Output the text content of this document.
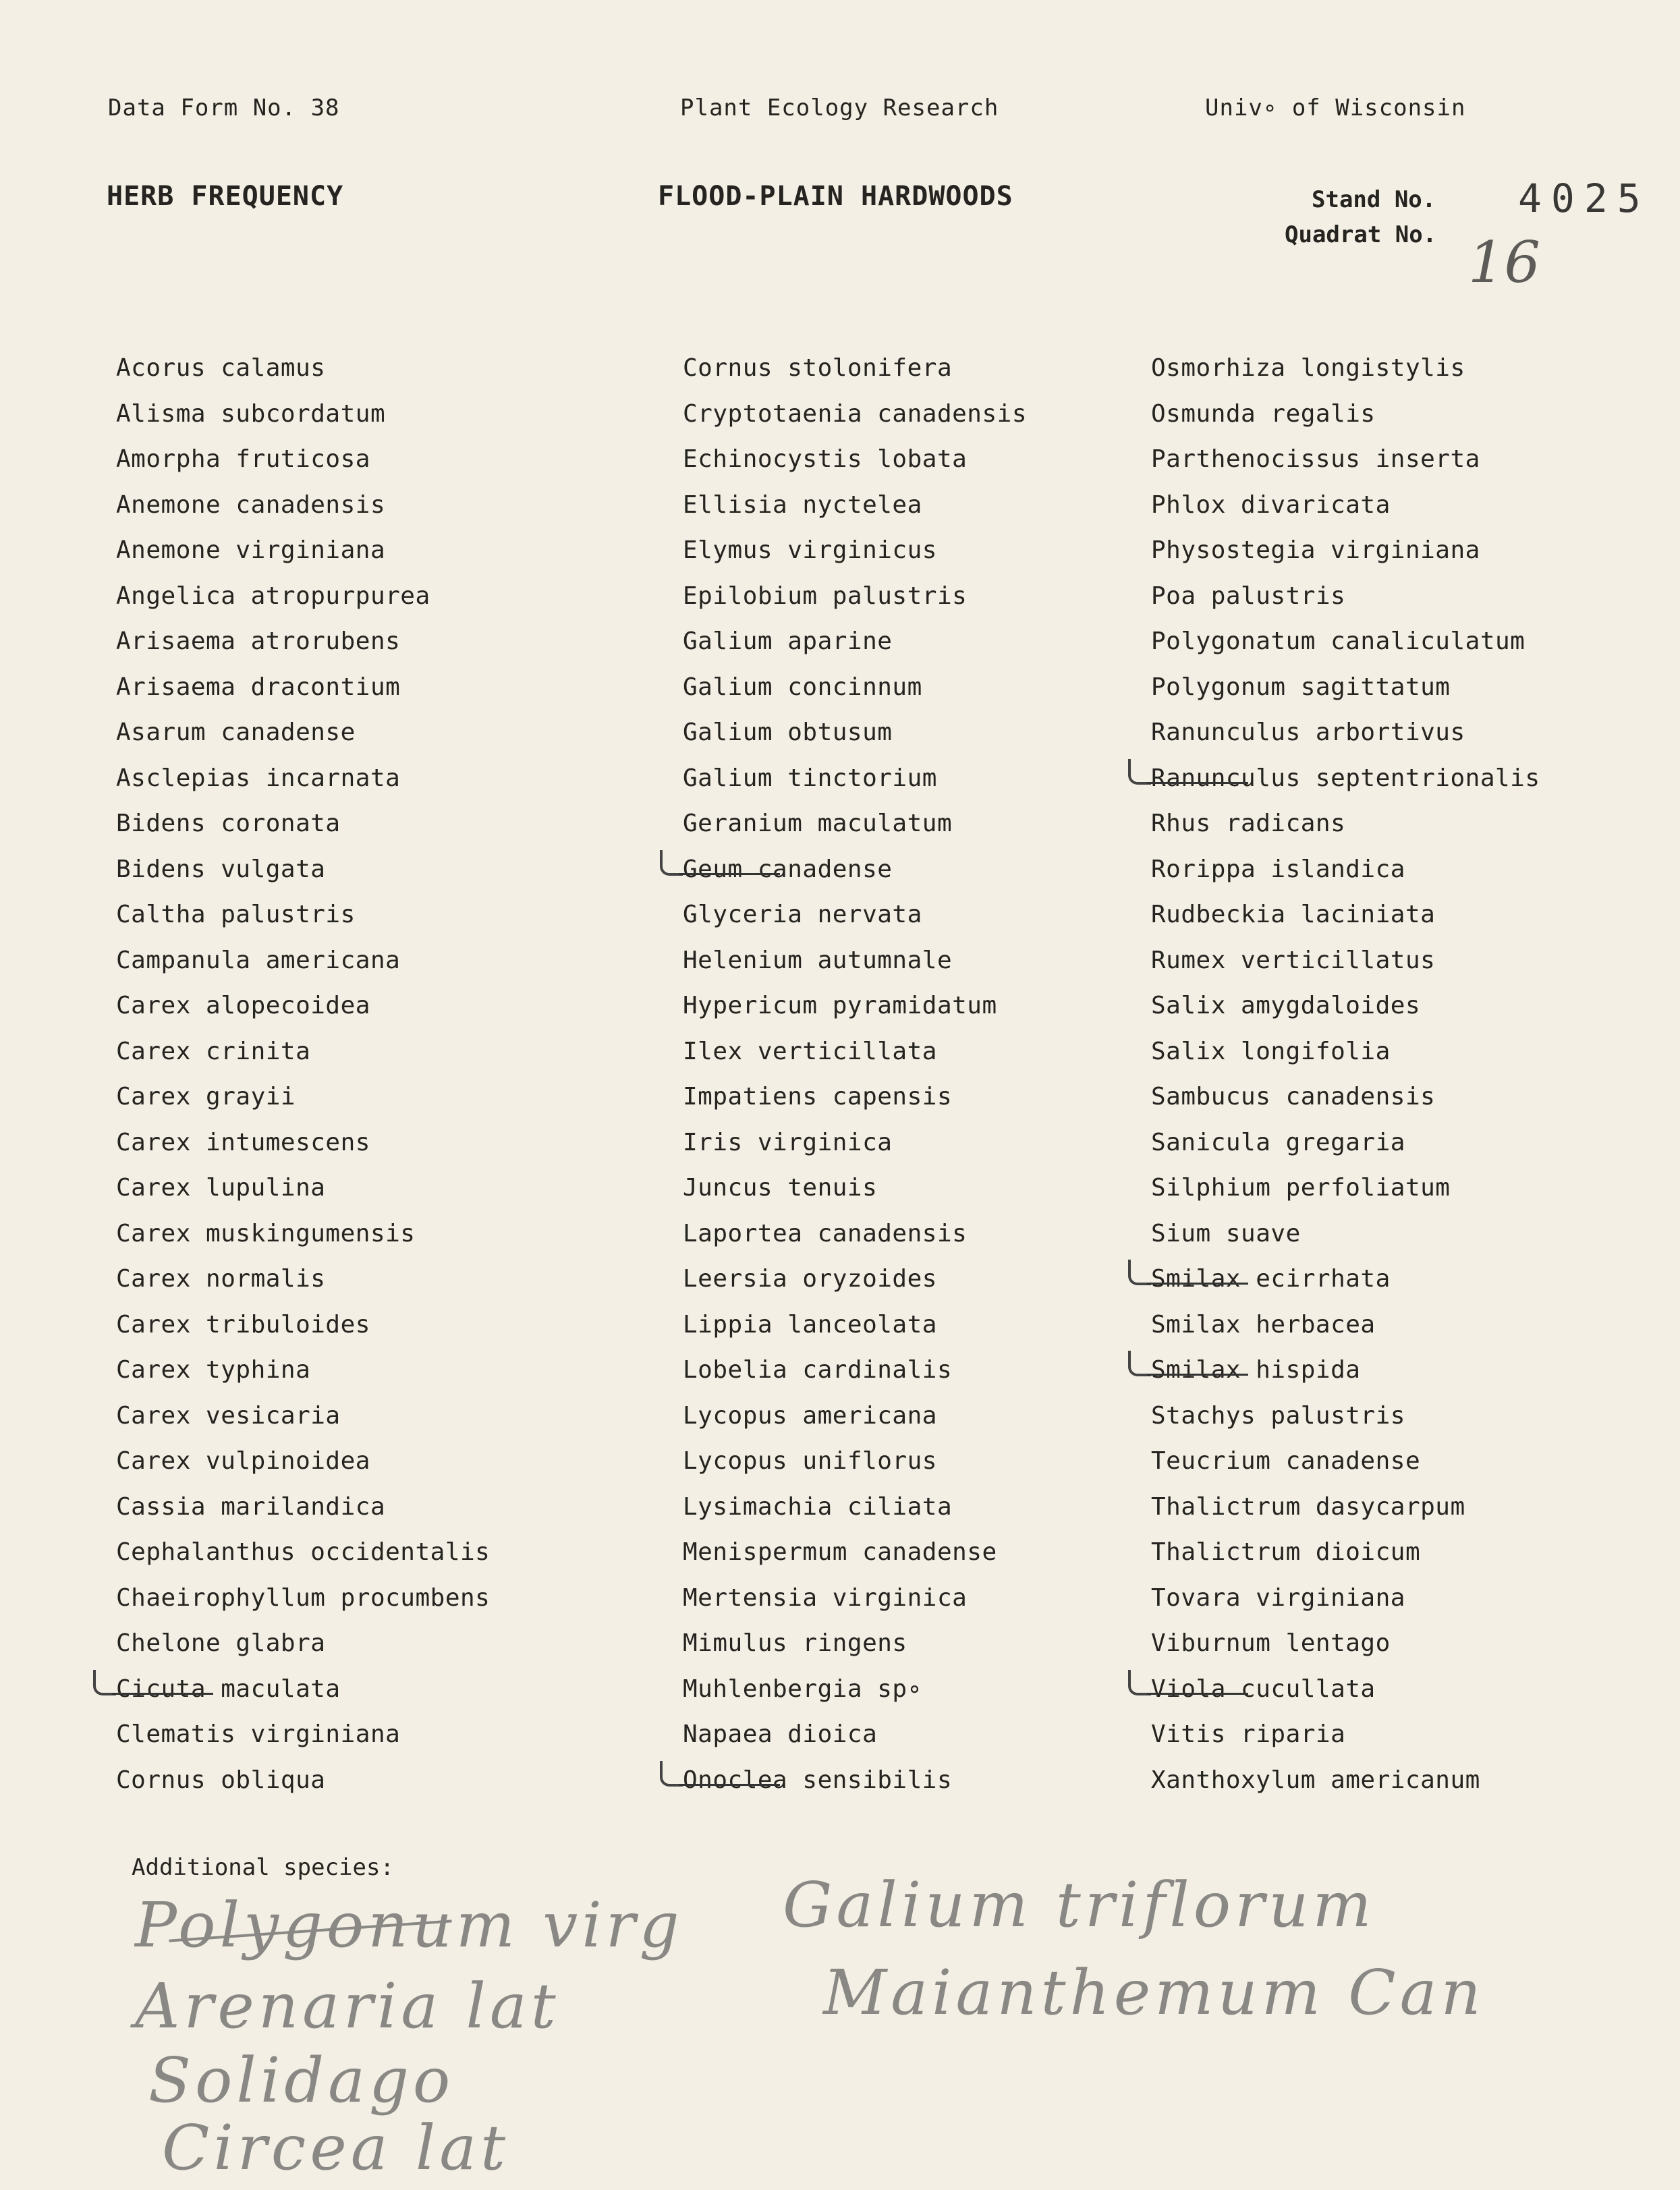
Data Form No. 38	Plant Ecology Research	Univ∘ of Wisconsin
HERB FREQUENCY	FLOOD-PLAIN HARDWOODS	Stand No.
Quadrat No.
4025
16
Acorus calamus
Alisma subcordatum
Amorpha fruticosa
Anemone canadensis
Anemone virginiana
Angelica atropurpurea
Arisaema atrorubens
Arisaema dracontium
Asarum canadense
Asclepias incarnata
Bidens coronata
Bidens vulgata
Caltha palustris
Campanula americana
Carex alopecoidea
Carex crinita
Carex grayii
Carex intumescens
Carex lupulina
Carex muskingumensis
Carex normalis
Carex tribuloides
Carex typhina
Carex vesicaria
Carex vulpinoidea
Cassia marilandica
Cephalanthus occidentalis
Chaeirophyllum procumbens
Chelone glabra
Cicuta maculata
Clematis virginiana
Cornus obliqua
Cornus stolonifera
Cryptotaenia canadensis
Echinocystis lobata
Ellisia nyctelea
Elymus virginicus
Epilobium palustris
Galium aparine
Galium concinnum
Galium obtusum
Galium tinctorium
Geranium maculatum
Geum canadense
Glyceria nervata
Helenium autumnale
Hypericum pyramidatum
Ilex verticillata
Impatiens capensis
Iris virginica
Juncus tenuis
Laportea canadensis
Leersia oryzoides
Lippia lanceolata
Lobelia cardinalis
Lycopus americana
Lycopus uniflorus
Lysimachia ciliata
Menispermum canadense
Mertensia virginica
Mimulus ringens
Muhlenbergia sp∘
Napaea dioica
Onoclea sensibilis
Osmorhiza longistylis
Osmunda regalis
Parthenocissus inserta
Phlox divaricata
Physostegia virginiana
Poa palustris
Polygonatum canaliculatum
Polygonum sagittatum
Ranunculus arbortivus
Ranunculus septentrionalis
Rhus radicans
Rorippa islandica
Rudbeckia laciniata
Rumex verticillatus
Salix amygdaloides
Salix longifolia
Sambucus canadensis
Sanicula gregaria
Silphium perfoliatum
Sium suave
Smilax ecirrhata
Smilax herbacea
Smilax hispida
Stachys palustris
Teucrium canadense
Thalictrum dasycarpum
Thalictrum dioicum
Tovara virginiana
Viburnum lentago
Viola cucullata
Vitis riparia
Xanthoxylum americanum
Additional species:
Polygonum virg Galium triflorum
Arenaria lat	Maianthemum Can
Solidago
Circea lat
